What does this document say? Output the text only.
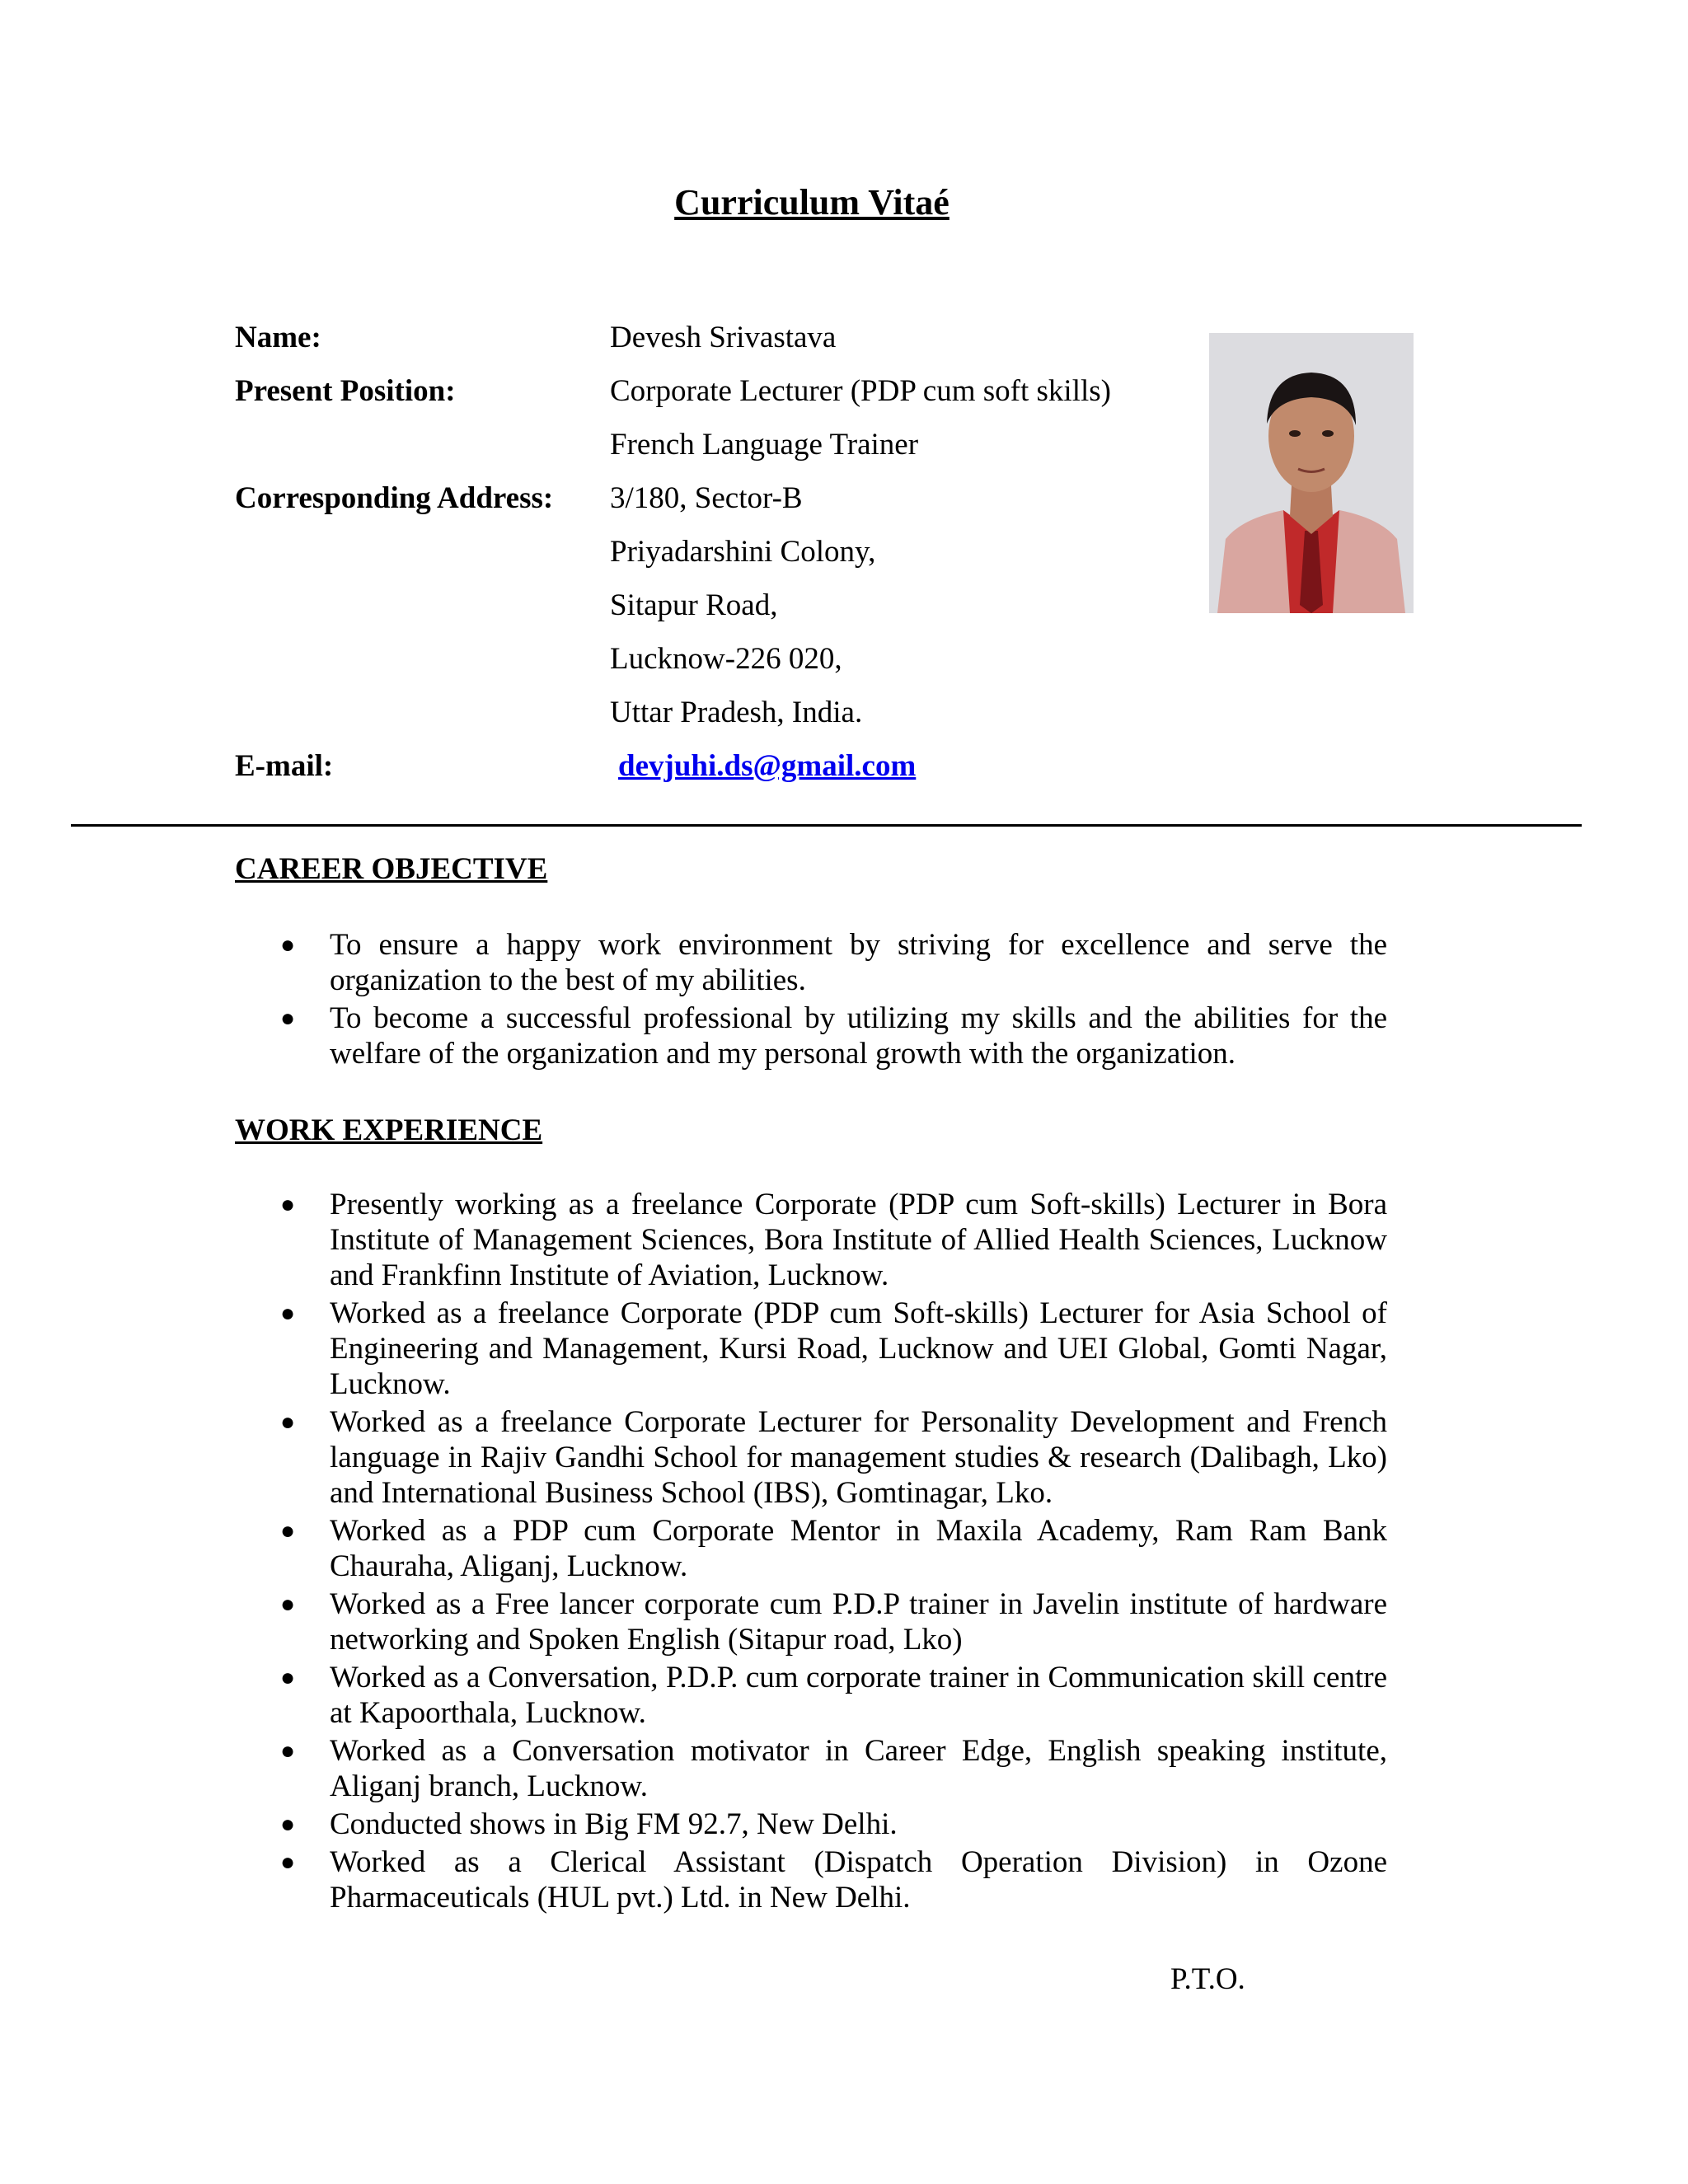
Curriculum Vitaé
Name:	Devesh Srivastava
Present Position:	Corporate Lecturer (PDP cum soft skills)
French Language Trainer
Corresponding Address:	3/180, Sector-B
Priyadarshini Colony,
Sitapur Road,
Lucknow-226 020,
Uttar Pradesh, India.
E-mail:	devjuhi.ds@gmail.com
CAREER OBJECTIVE
● To ensure a happy work environment by striving for excellence and serve the organization to the best of my abilities.
● To become a successful professional by utilizing my skills and the abilities for the welfare of the organization and my personal growth with the organization.
WORK EXPERIENCE
● Presently working as a freelance Corporate (PDP cum Soft-skills) Lecturer in Bora Institute of Management Sciences, Bora Institute of Allied Health Sciences, Lucknow and Frankfinn Institute of Aviation, Lucknow.
● Worked as a freelance Corporate (PDP cum Soft-skills) Lecturer for Asia School of Engineering and Management, Kursi Road, Lucknow and UEI Global, Gomti Nagar, Lucknow.
● Worked as a freelance Corporate Lecturer for Personality Development and French language in Rajiv Gandhi School for management studies & research (Dalibagh, Lko) and International Business School (IBS), Gomtinagar, Lko.
● Worked as a PDP cum Corporate Mentor in Maxila Academy, Ram Ram Bank Chauraha, Aliganj, Lucknow.
● Worked as a Free lancer corporate cum P.D.P trainer in Javelin institute of hardware networking and Spoken English (Sitapur road, Lko)
● Worked as a Conversation, P.D.P. cum corporate trainer in Communication skill centre at Kapoorthala, Lucknow.
● Worked as a Conversation motivator in Career Edge, English speaking institute, Aliganj branch, Lucknow.
● Conducted shows in Big FM 92.7, New Delhi.
● Worked as a Clerical Assistant (Dispatch Operation Division) in Ozone Pharmaceuticals (HUL pvt.) Ltd. in New Delhi.
P.T.O.
